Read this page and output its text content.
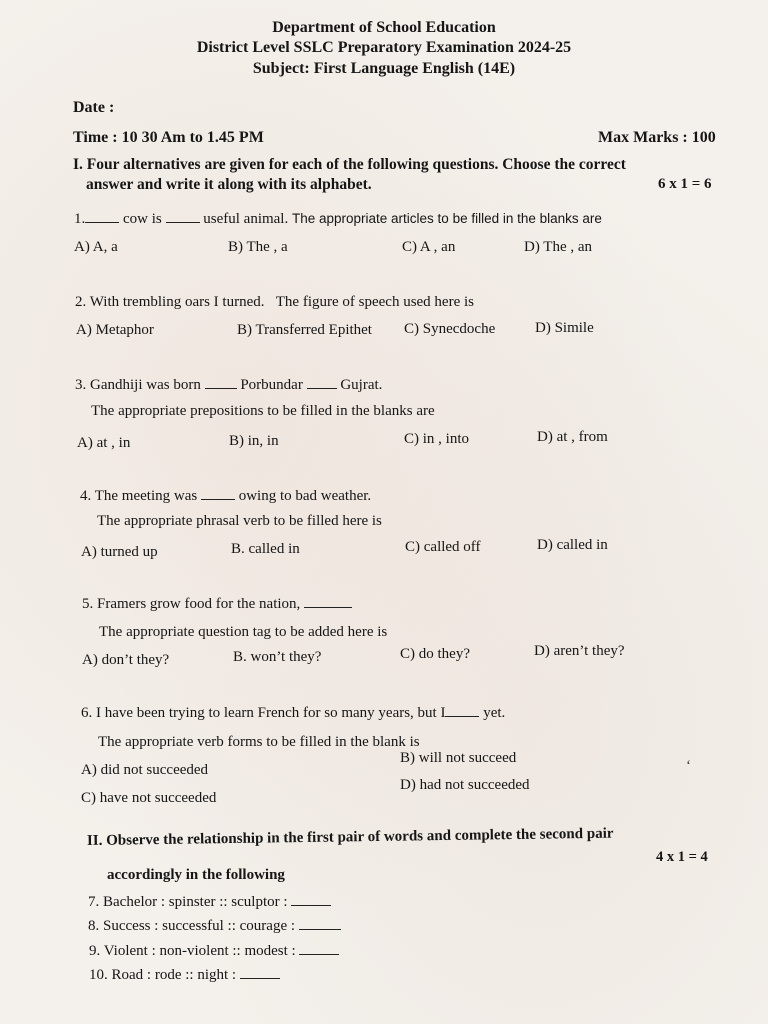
Department of School Education
District Level SSLC Preparatory Examination 2024-25
Subject: First Language English (14E)
Date :
Time : 10 30 Am to 1.45 PM	Max Marks : 100
I. Four alternatives are given for each of the following questions. Choose the correct
answer and write it along with its alphabet.	6 x 1 = 6
1.	cow is	useful animal. The appropriate articles to be filled in the blanks are
A) A, a	B) The , a	C) A , an	D) The , an
2. With trembling oars I turned. The figure of speech used here is
A) Metaphor	B) Transferred Epithet C) Synecdoche	D) Simile
3. Gandhiji was born	Porbundar	Gujrat.
The appropriate prepositions to be filled in the blanks are
A) at , in	B) in, in	C) in , into	D) at , from
4. The meeting was	owing to bad weather.
The appropriate phrasal verb to be filled here is
A) turned up	B. called in	C) called off	D) called in
5. Framers grow food for the nation,
The appropriate question tag to be added here is
A) don’t they?	B. won’t they?	C) do they?	D) aren’t they?
6. I have been trying to learn French for so many years, but I	yet.
The appropriate verb forms to be filled in the blank is
A) did not succeeded
B) will not succeed
C) have not succeeded
D) had not succeeded
‘
II. Observe the relationship in the first pair of words and complete the second pair
4 x 1 = 4
accordingly in the following
7. Bachelor : spinster :: sculptor :
8. Success : successful :: courage :
9. Violent : non-violent :: modest :
10. Road : rode :: night :
